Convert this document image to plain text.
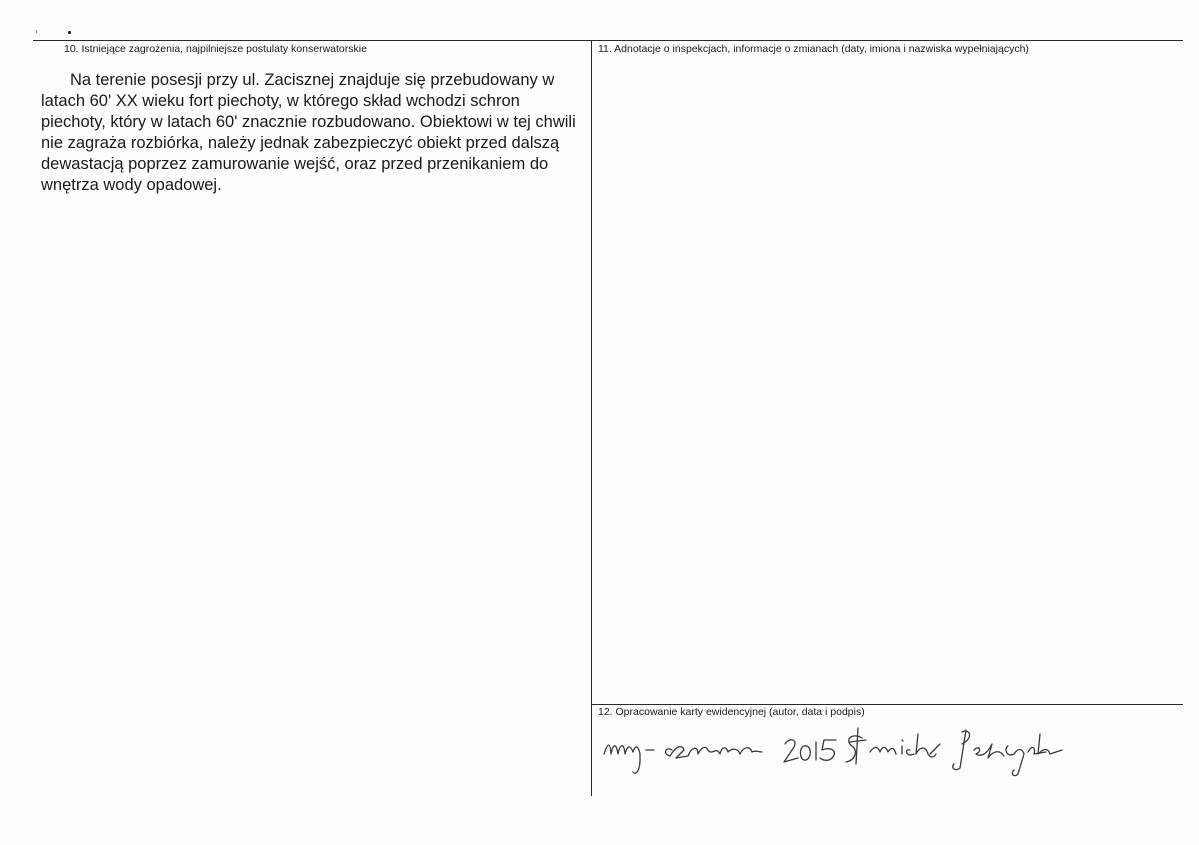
10. Istniejące zagrożenia, najpilniejsze postulaty konserwatorskie	11. Adnotacje o inspekcjach, informacje o zmianach (daty, imiona i nazwiska wypełniających)

Na terenie posesji przy ul. Zacisznej znajduje się przebudowany w latach 60' XX wieku fort piechoty, w którego skład wchodzi schron piechoty, który w latach 60' znacznie rozbudowano. Obiektowi w tej chwili nie zagraża rozbiórka, należy jednak zabezpieczyć obiekt przed dalszą dewastacją poprzez zamurowanie wejść, oraz przed przenikaniem do wnętrza wody opadowej.

12. Opracowanie karty ewidencyjnej (autor, data i podpis)
